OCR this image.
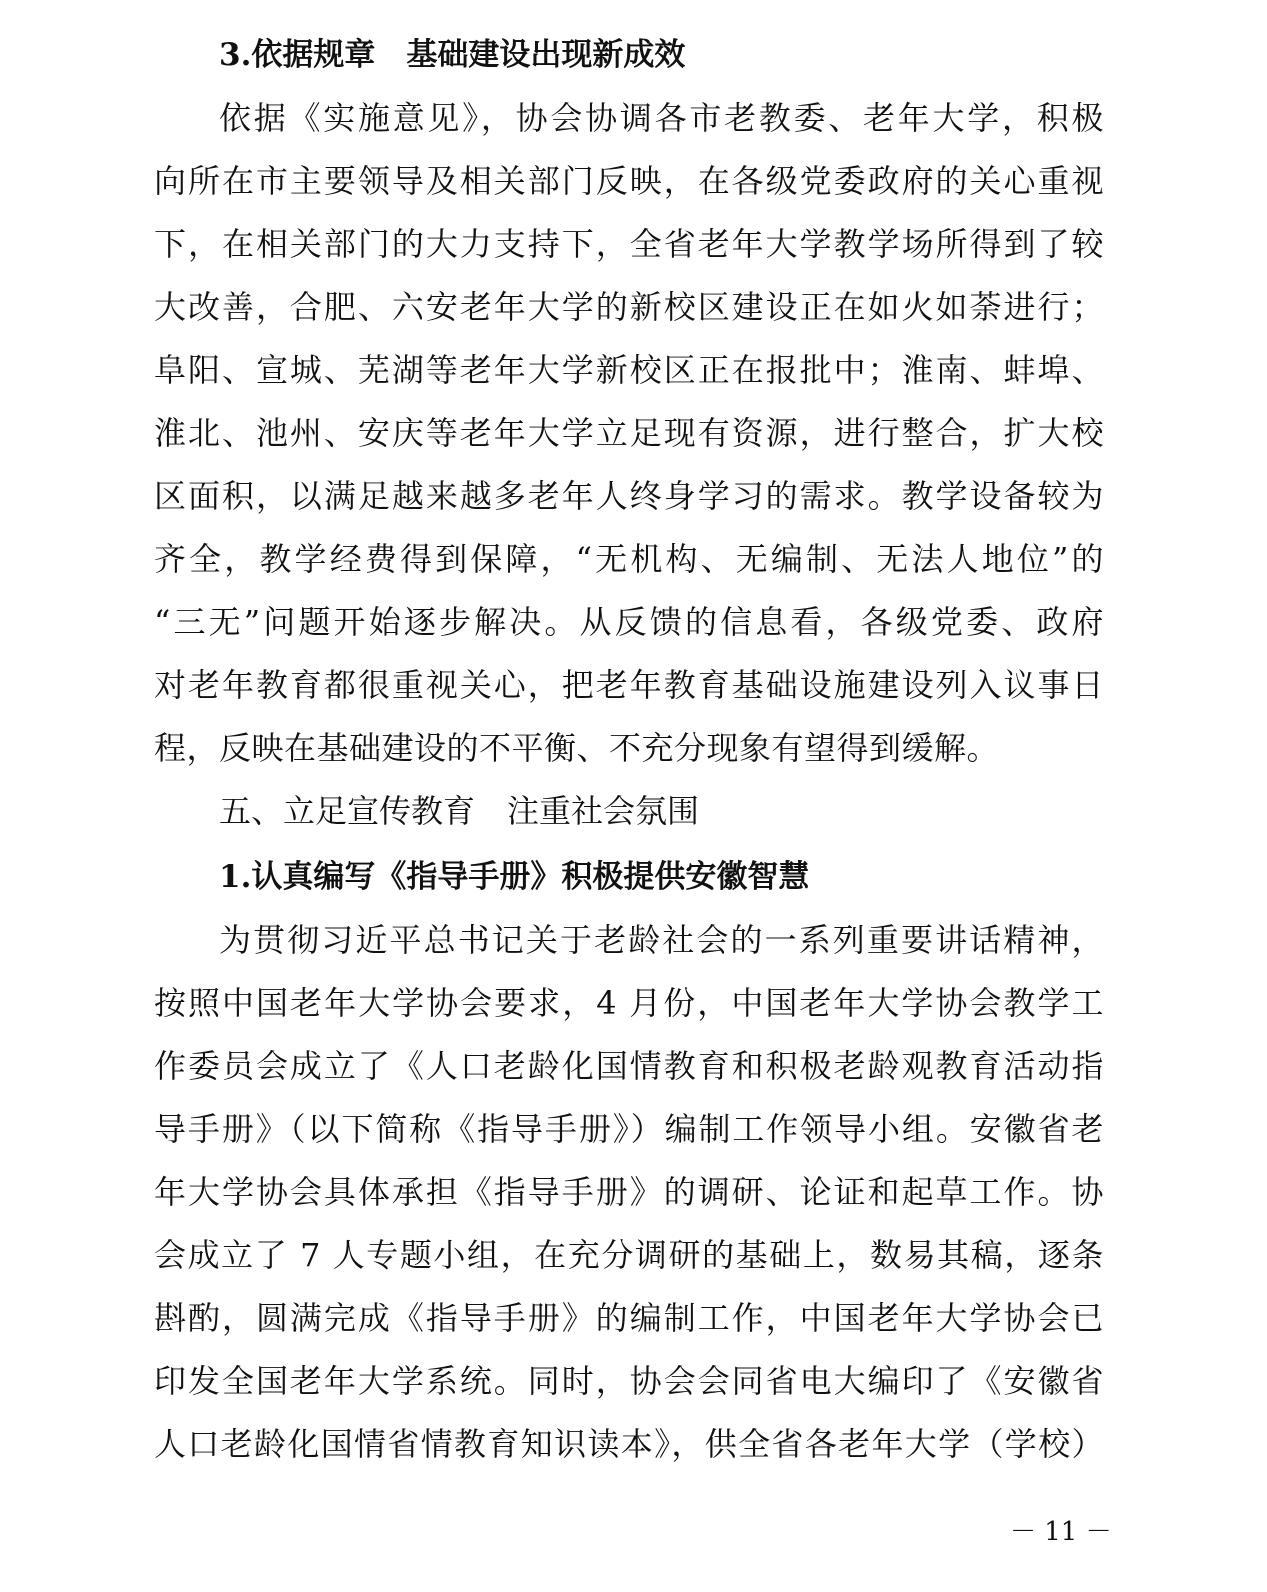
3.依据规章　基础建设出现新成效
依据《实施意见》，协会协调各市老教委、老年大学，积极
向所在市主要领导及相关部门反映，在各级党委政府的关心重视
下，在相关部门的大力支持下，全省老年大学教学场所得到了较
大改善，合肥、六安老年大学的新校区建设正在如火如荼进行；
阜阳、宣城、芜湖等老年大学新校区正在报批中；淮南、蚌埠、
淮北、池州、安庆等老年大学立足现有资源，进行整合，扩大校
区面积，以满足越来越多老年人终身学习的需求。教学设备较为
齐全，教学经费得到保障，“无机构、无编制、无法人地位”的
“三无”问题开始逐步解决。从反馈的信息看，各级党委、政府
对老年教育都很重视关心，把老年教育基础设施建设列入议事日
程，反映在基础建设的不平衡、不充分现象有望得到缓解。
五、立足宣传教育　注重社会氛围
1.认真编写《指导手册》积极提供安徽智慧
为贯彻习近平总书记关于老龄社会的一系列重要讲话精神，
按照中国老年大学协会要求，4 月份，中国老年大学协会教学工
作委员会成立了《人口老龄化国情教育和积极老龄观教育活动指
导手册》（以下简称《指导手册》）编制工作领导小组。安徽省老
年大学协会具体承担《指导手册》的调研、论证和起草工作。协
会成立了 7 人专题小组，在充分调研的基础上，数易其稿，逐条
斟酌，圆满完成《指导手册》的编制工作，中国老年大学协会已
印发全国老年大学系统。同时，协会会同省电大编印了《安徽省
人口老龄化国情省情教育知识读本》，供全省各老年大学（学校）
－ 11 －
